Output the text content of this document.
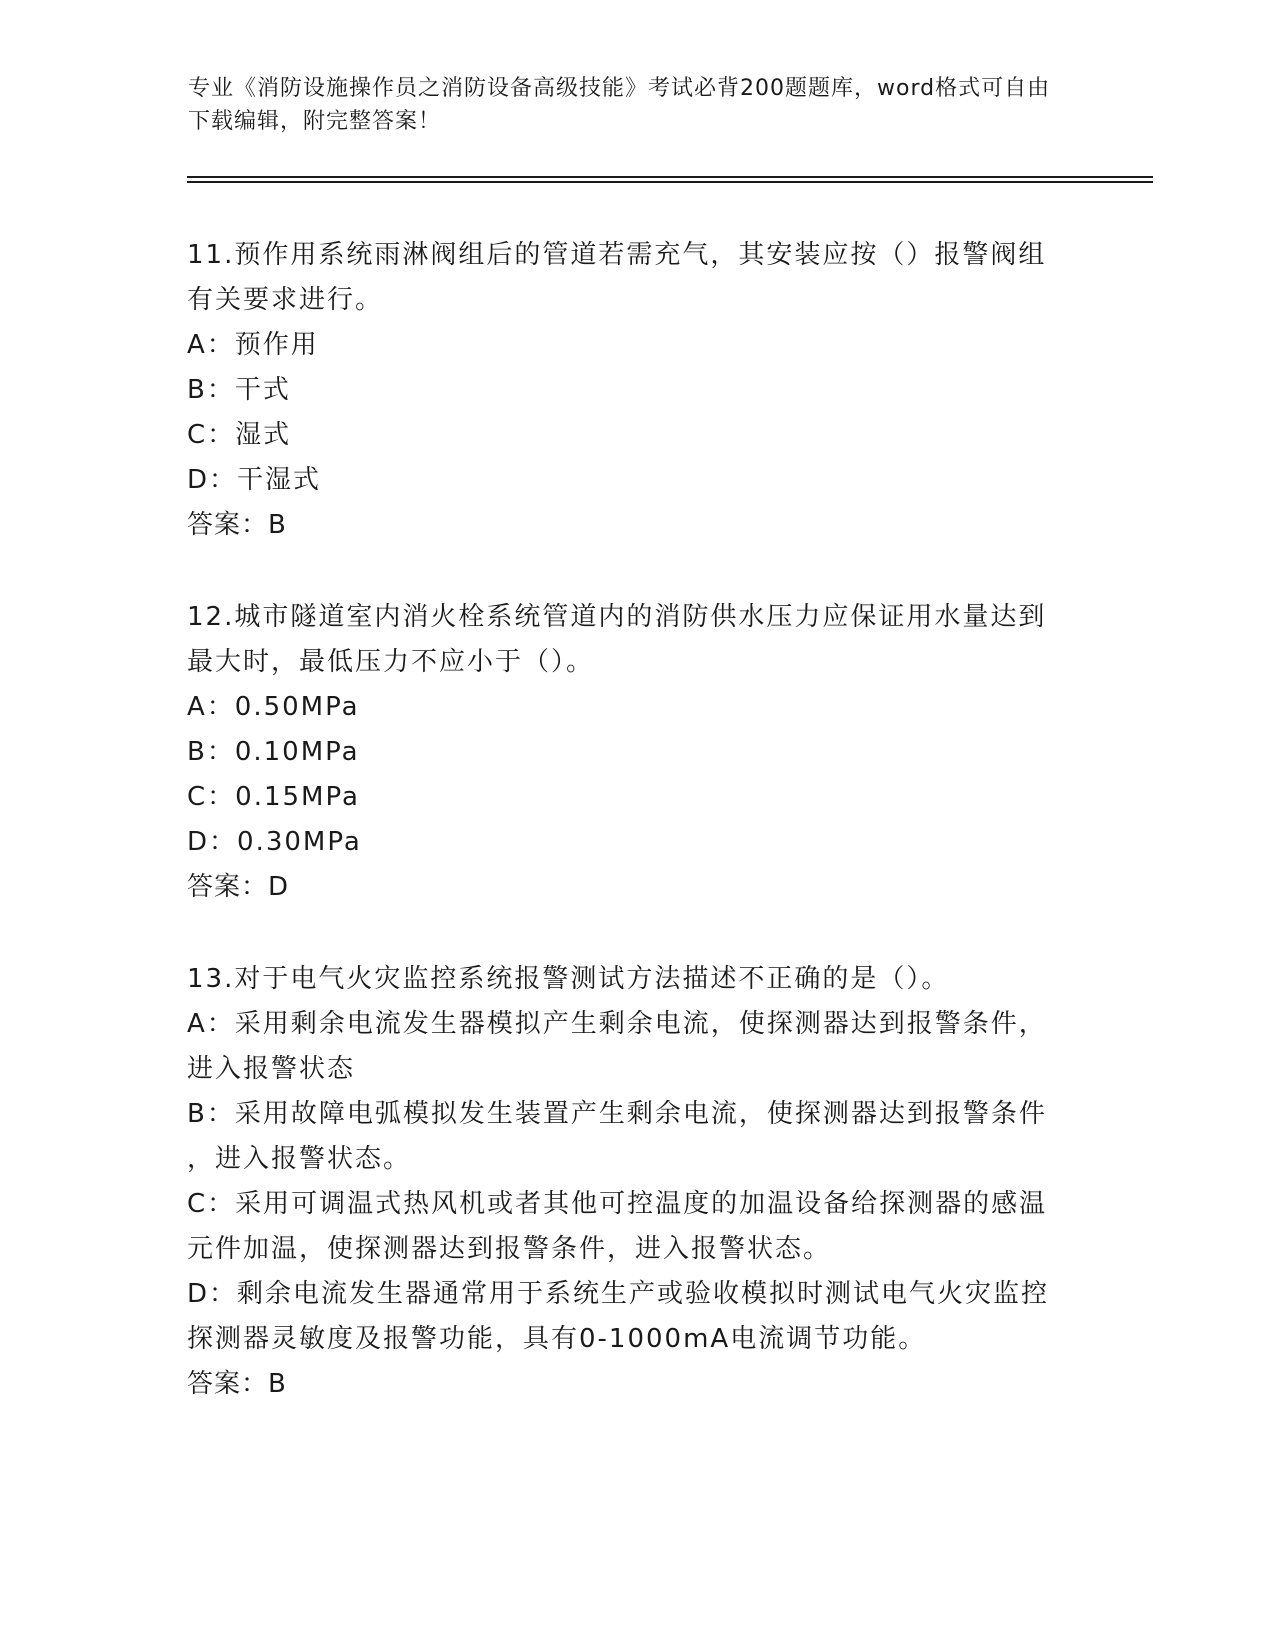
专业《消防设施操作员之消防设备高级技能》考试必背200题题库，word格式可自由下载编辑，附完整答案！
11.预作用系统雨淋阀组后的管道若需充气，其安装应按（）报警阀组
有关要求进行。
A：预作用
B：干式
C：湿式
D：干湿式
答案：B
12.城市隧道室内消火栓系统管道内的消防供水压力应保证用水量达到
最大时，最低压力不应小于（）。
A：0.50MPa
B：0.10MPa
C：0.15MPa
D：0.30MPa
答案：D
13.对于电气火灾监控系统报警测试方法描述不正确的是（）。
A：采用剩余电流发生器模拟产生剩余电流，使探测器达到报警条件，
进入报警状态
B：采用故障电弧模拟发生装置产生剩余电流，使探测器达到报警条件
，进入报警状态。
C：采用可调温式热风机或者其他可控温度的加温设备给探测器的感温
元件加温，使探测器达到报警条件，进入报警状态。
D：剩余电流发生器通常用于系统生产或验收模拟时测试电气火灾监控
探测器灵敏度及报警功能，具有0-1000mA电流调节功能。
答案：B
